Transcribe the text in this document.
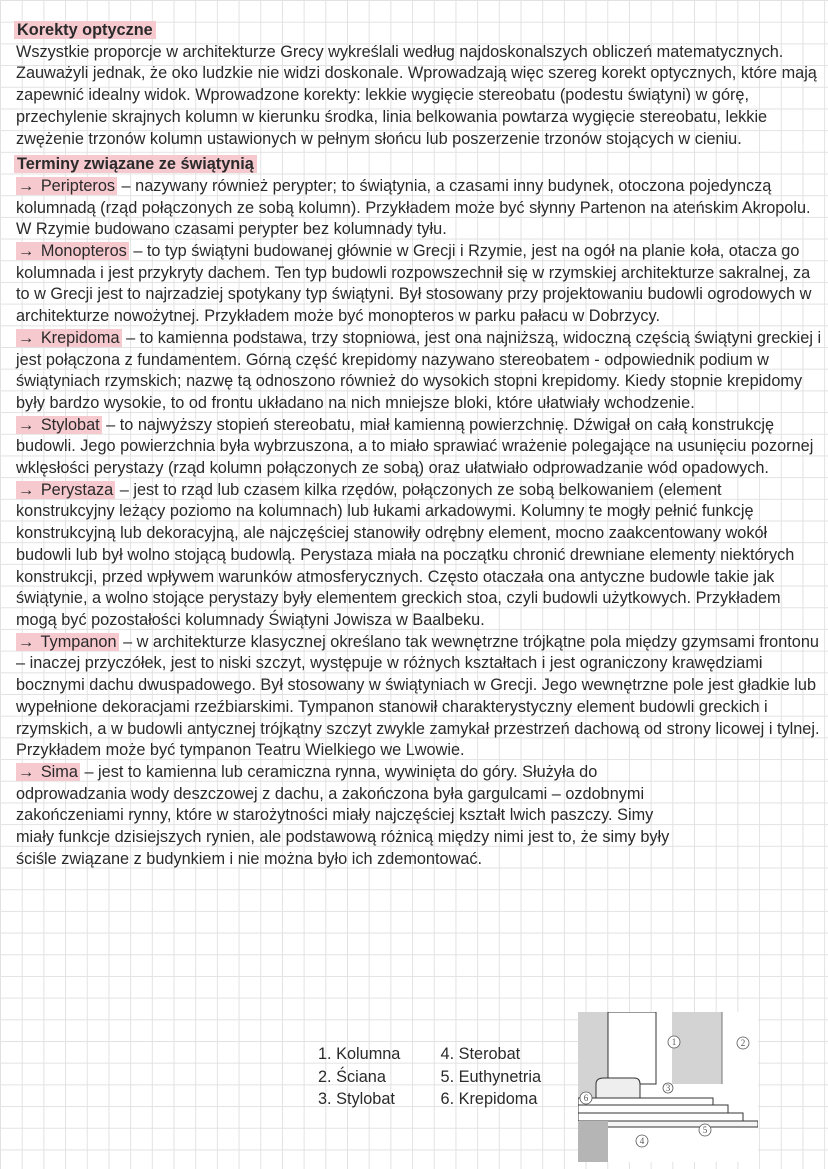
Korekty optyczne

Wszystkie proporcje w architekturze Grecy wykreślali według najdoskonalszych obliczeń matematycznych. Zauważyli jednak, że oko ludzkie nie widzi doskonale. Wprowadzają więc szereg korekt optycznych, które mają zapewnić idealny widok. Wprowadzone korekty: lekkie wygięcie stereobatu (podestu świątyni) w górę, przechylenie skrajnych kolumn w kierunku środka, linia belkowania powtarza wygięcie stereobatu, lekkie zwężenie trzonów kolumn ustawionych w pełnym słońcu lub poszerzenie trzonów stojących w cieniu.

Terminy związane ze świątynią

→ Peripteros – nazywany również perypter; to świątynia, a czasami inny budynek, otoczona pojedynczą kolumnadą (rząd połączonych ze sobą kolumn). Przykładem może być słynny Partenon na ateńskim Akropolu. W Rzymie budowano czasami perypter bez kolumnady tyłu.

→ Monopteros – to typ świątyni budowanej głównie w Grecji i Rzymie, jest na ogół na planie koła, otacza go kolumnada i jest przykryty dachem. Ten typ budowli rozpowszechnił się w rzymskiej architekturze sakralnej, za to w Grecji jest to najrzadziej spotykany typ świątyni. Był stosowany przy projektowaniu budowli ogrodowych w architekturze nowożytnej. Przykładem może być monopteros w parku pałacu w Dobrzycy.

→ Krepidoma – to kamienna podstawa, trzy stopniowa, jest ona najniższą, widoczną częścią świątyni greckiej i jest połączona z fundamentem. Górną część krepidomy nazywano stereobatem - odpowiednik podium w świątyniach rzymskich; nazwę tą odnoszono również do wysokich stopni krepidomy. Kiedy stopnie krepidomy były bardzo wysokie, to od frontu układano na nich mniejsze bloki, które ułatwiały wchodzenie.

→ Stylobat – to najwyższy stopień stereobatu, miał kamienną powierzchnię. Dźwigał on całą konstrukcję budowli. Jego powierzchnia była wybrzuszona, a to miało sprawiać wrażenie polegające na usunięciu pozornej wklęsłości perystazy (rząd kolumn połączonych ze sobą) oraz ułatwiało odprowadzanie wód opadowych.

→ Perystaza – jest to rząd lub czasem kilka rzędów, połączonych ze sobą belkowaniem (element konstrukcyjny leżący poziomo na kolumnach) lub łukami arkadowymi. Kolumny te mogły pełnić funkcję konstrukcyjną lub dekoracyjną, ale najczęściej stanowiły odrębny element, mocno zaakcentowany wokół budowli lub był wolno stojącą budowlą. Perystaza miała na początku chronić drewniane elementy niektórych konstrukcji, przed wpływem warunków atmosferycznych. Często otaczała ona antyczne budowle takie jak świątynie, a wolno stojące perystazy były elementem greckich stoa, czyli budowli użytkowych. Przykładem mogą być pozostałości kolumnady Świątyni Jowisza w Baalbeku.

→ Tympanon – w architekturze klasycznej określano tak wewnętrzne trójkątne pola między gzymsami frontonu – inaczej przyczółek, jest to niski szczyt, występuje w różnych kształtach i jest ograniczony krawędziami bocznymi dachu dwuspadowego. Był stosowany w świątyniach w Grecji. Jego wewnętrzne pole jest gładkie lub wypełnione dekoracjami rzeźbiarskimi. Tympanon stanowił charakterystyczny element budowli greckich i rzymskich, a w budowli antycznej trójkątny szczyt zwykle zamykał przestrzeń dachową od strony licowej i tylnej. Przykładem może być tympanon Teatru Wielkiego we Lwowie.

→ Sima – jest to kamienna lub ceramiczna rynna, wywinięta do góry. Służyła do odprowadzania wody deszczowej z dachu, a zakończona była gargulcami – ozdobnymi zakończeniami rynny, które w starożytności miały najczęściej kształt lwich paszczy. Simy miały funkcje dzisiejszych rynien, ale podstawową różnicą między nimi jest to, że simy były ściśle związane z budynkiem i nie można było ich zdemontować.

1. Kolumna
2. Ściana
3. Stylobat

4. Sterobat
5. Euthynetria
6. Krepidoma
1	2
3
4
5
6
